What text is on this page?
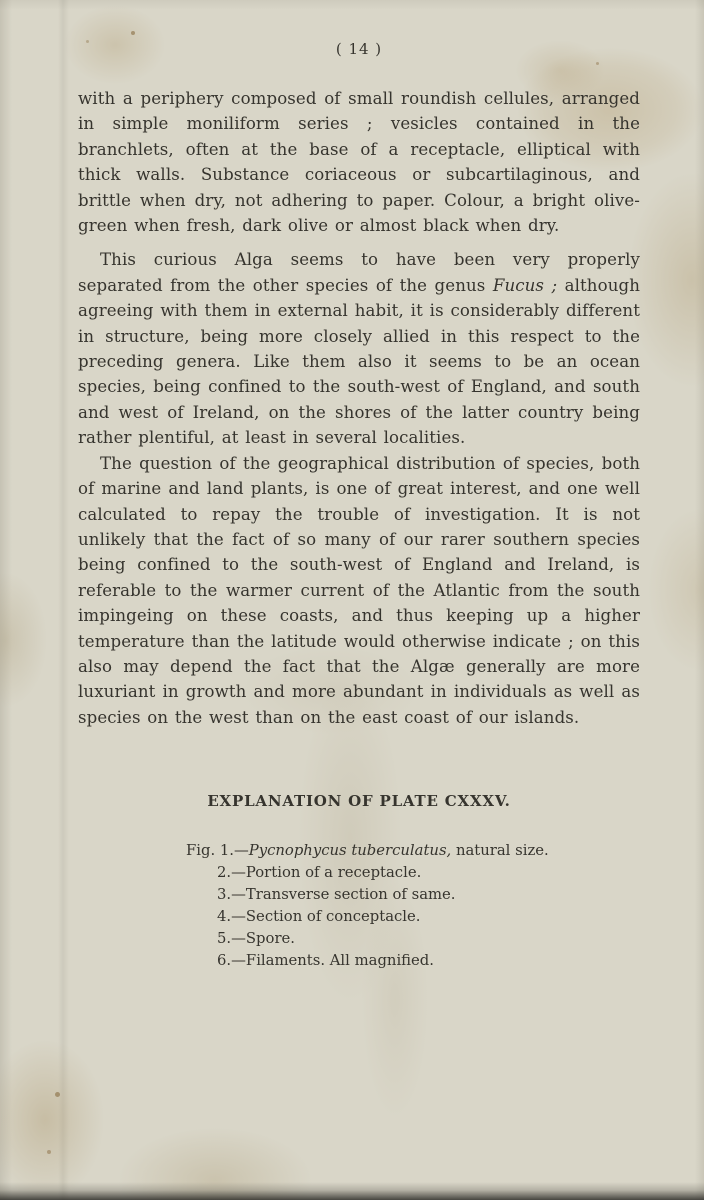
( 14 )

with a periphery composed of small roundish cellules, arranged in simple moniliform series ; vesicles contained in the branchlets, often at the base of a receptacle, elliptical with thick walls. Substance coriaceous or subcartilaginous, and brittle when dry, not adhering to paper. Colour, a bright olive-green when fresh, dark olive or almost black when dry.

This curious Alga seems to have been very properly separated from the other species of the genus Fucus ; although agreeing with them in external habit, it is considerably different in structure, being more closely allied in this respect to the preceding genera. Like them also it seems to be an ocean species, being confined to the south-west of England, and south and west of Ireland, on the shores of the latter country being rather plentiful, at least in several localities.

The question of the geographical distribution of species, both of marine and land plants, is one of great interest, and one well calculated to repay the trouble of investigation. It is not unlikely that the fact of so many of our rarer southern species being confined to the south-west of England and Ireland, is referable to the warmer current of the Atlantic from the south impingeing on these coasts, and thus keeping up a higher temperature than the latitude would otherwise indicate ; on this also may depend the fact that the Algæ generally are more luxuriant in growth and more abundant in individuals as well as species on the west than on the east coast of our islands.

EXPLANATION OF PLATE CXXXV.
Fig. 1.—Pycnophycus tuberculatus, natural size.
2.—Portion of a receptacle.
3.—Transverse section of same.
4.—Section of conceptacle.
5.—Spore.
6.—Filaments. All magnified.
